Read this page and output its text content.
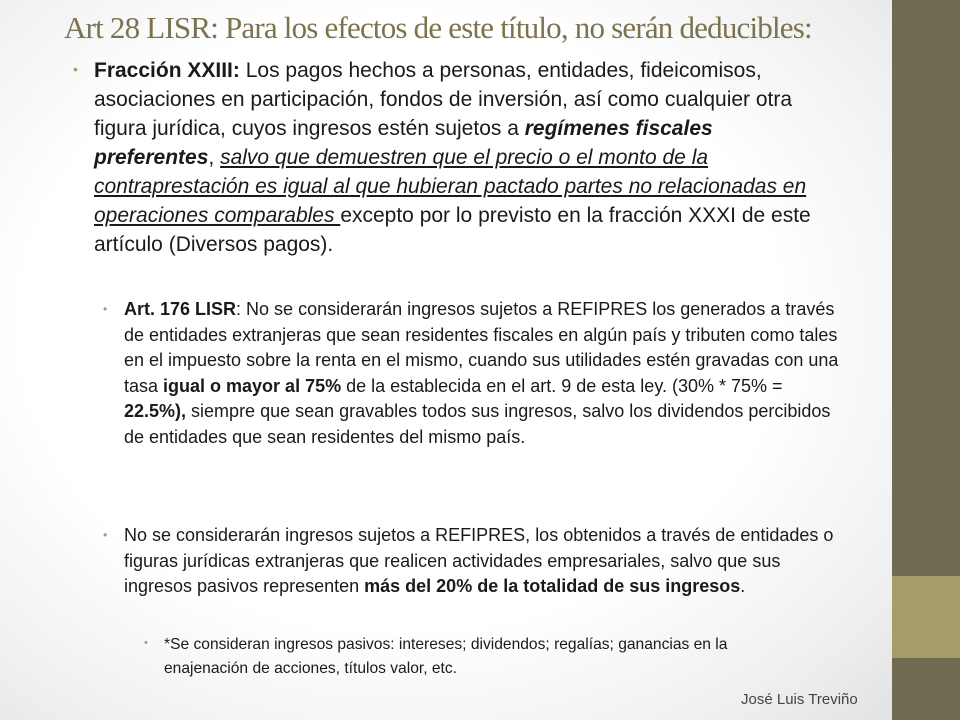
Art 28 LISR: Para los efectos de este título, no serán deducibles:
• Fracción XXIII: Los pagos hechos a personas, entidades, fideicomisos, asociaciones en participación, fondos de inversión, así como cualquier otra figura jurídica, cuyos ingresos estén sujetos a regímenes fiscales preferentes, salvo que demuestren que el precio o el monto de la contraprestación es igual al que hubieran pactado partes no relacionadas en operaciones comparables excepto por lo previsto en la fracción XXXI de este artículo (Diversos pagos).
• Art. 176 LISR: No se considerarán ingresos sujetos a REFIPRES los generados a través de entidades extranjeras que sean residentes fiscales en algún país y tributen como tales en el impuesto sobre la renta en el mismo, cuando sus utilidades estén gravadas con una tasa igual o mayor al 75% de la establecida en el art. 9 de esta ley. (30% * 75% = 22.5%), siempre que sean gravables todos sus ingresos, salvo los dividendos percibidos de entidades que sean residentes del mismo país.
• No se considerarán ingresos sujetos a REFIPRES, los obtenidos a través de entidades o figuras jurídicas extranjeras que realicen actividades empresariales, salvo que sus ingresos pasivos representen más del 20% de la totalidad de sus ingresos.
• *Se consideran ingresos pasivos: intereses; dividendos; regalías; ganancias en la enajenación de acciones, títulos valor, etc.
José Luis Treviño
